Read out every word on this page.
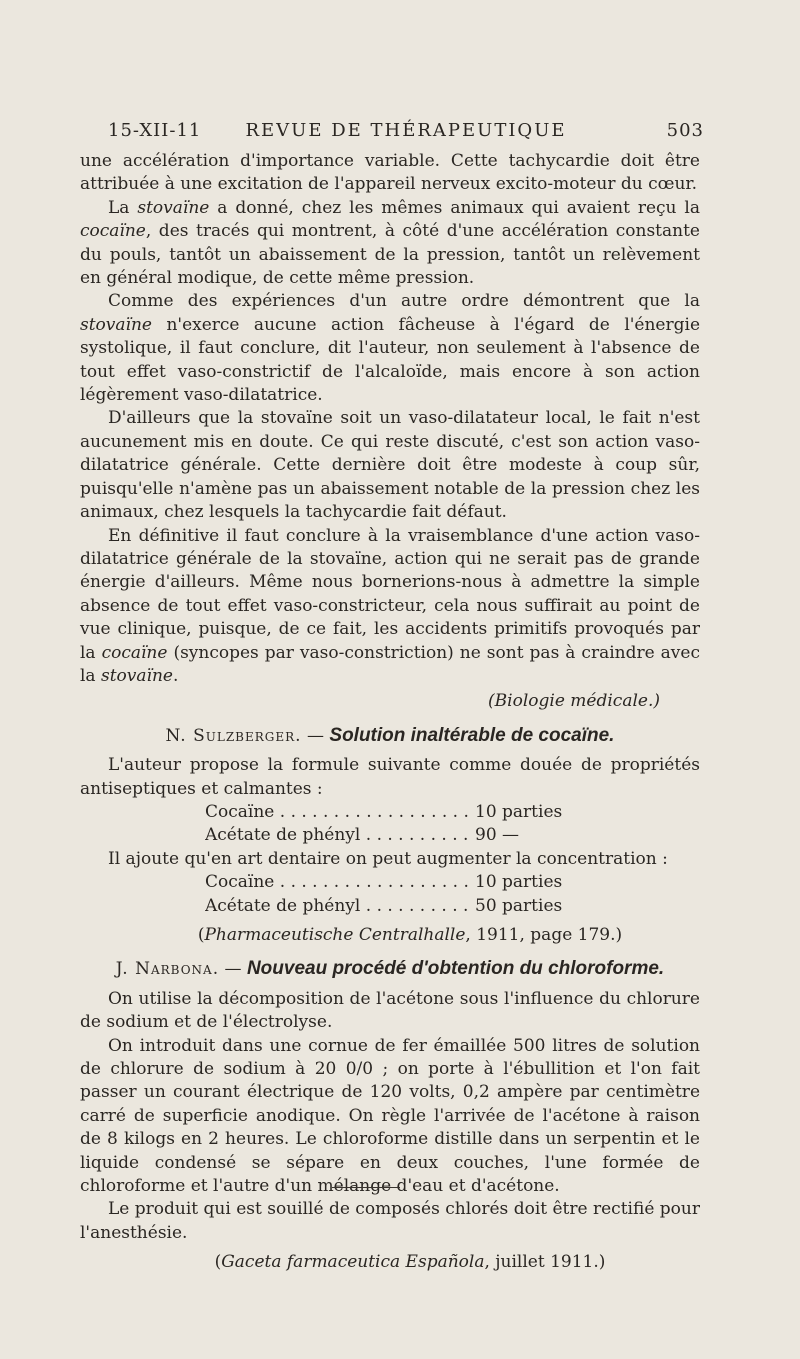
15-XII-11	REVUE DE THÉRAPEUTIQUE	503

une accélération d'importance variable. Cette tachycardie doit être attribuée à une excitation de l'appareil nerveux excito-moteur du cœur.

La stovaïne a donné, chez les mêmes animaux qui avaient reçu la cocaïne, des tracés qui montrent, à côté d'une accélération constante du pouls, tantôt un abaissement de la pression, tantôt un relèvement en général modique, de cette même pression.

Comme des expériences d'un autre ordre démontrent que la stovaïne n'exerce aucune action fâcheuse à l'égard de l'énergie systolique, il faut conclure, dit l'auteur, non seulement à l'absence de tout effet vaso-constrictif de l'alcaloïde, mais encore à son action légèrement vaso-dilatatrice.

D'ailleurs que la stovaïne soit un vaso-dilatateur local, le fait n'est aucunement mis en doute. Ce qui reste discuté, c'est son action vaso-dilatatrice générale. Cette dernière doit être modeste à coup sûr, puisqu'elle n'amène pas un abaissement notable de la pression chez les animaux, chez lesquels la tachycardie fait défaut.

En définitive il faut conclure à la vraisemblance d'une action vaso-dilatatrice générale de la stovaïne, action qui ne serait pas de grande énergie d'ailleurs. Même nous bornerions-nous à admettre la simple absence de tout effet vaso-constricteur, cela nous suffirait au point de vue clinique, puisque, de ce fait, les accidents primitifs provoqués par la cocaïne (syncopes par vaso-constriction) ne sont pas à craindre avec la stovaïne.

(Biologie médicale.)
N. Sulzberger. — Solution inaltérable de cocaïne.

L'auteur propose la formule suivante comme douée de propriétés antiseptiques et calmantes :

Cocaïne . . .	10 parties
Acétate de phényl . . .	90 —

Il ajoute qu'en art dentaire on peut augmenter la concentration :

Cocaïne . . .	10 parties
Acétate de phényl . . .	50 parties
(Pharmaceutische Centralhalle, 1911, page 179.)
J. Narbona. — Nouveau procédé d'obtention du chloroforme.

On utilise la décomposition de l'acétone sous l'influence du chlorure de sodium et de l'électrolyse.

On introduit dans une cornue de fer émaillée 500 litres de solution de chlorure de sodium à 20 0/0 ; on porte à l'ébullition et l'on fait passer un courant électrique de 120 volts, 0,2 ampère par centimètre carré de superficie anodique. On règle l'arrivée de l'acétone à raison de 8 kilogs en 2 heures. Le chloroforme distille dans un serpentin et le liquide condensé se sépare en deux couches, l'une formée de chloroforme et l'autre d'un mélange d'eau et d'acétone.

Le produit qui est souillé de composés chlorés doit être rectifié pour l'anesthésie.

(Gaceta farmaceutica Española, juillet 1911.)
